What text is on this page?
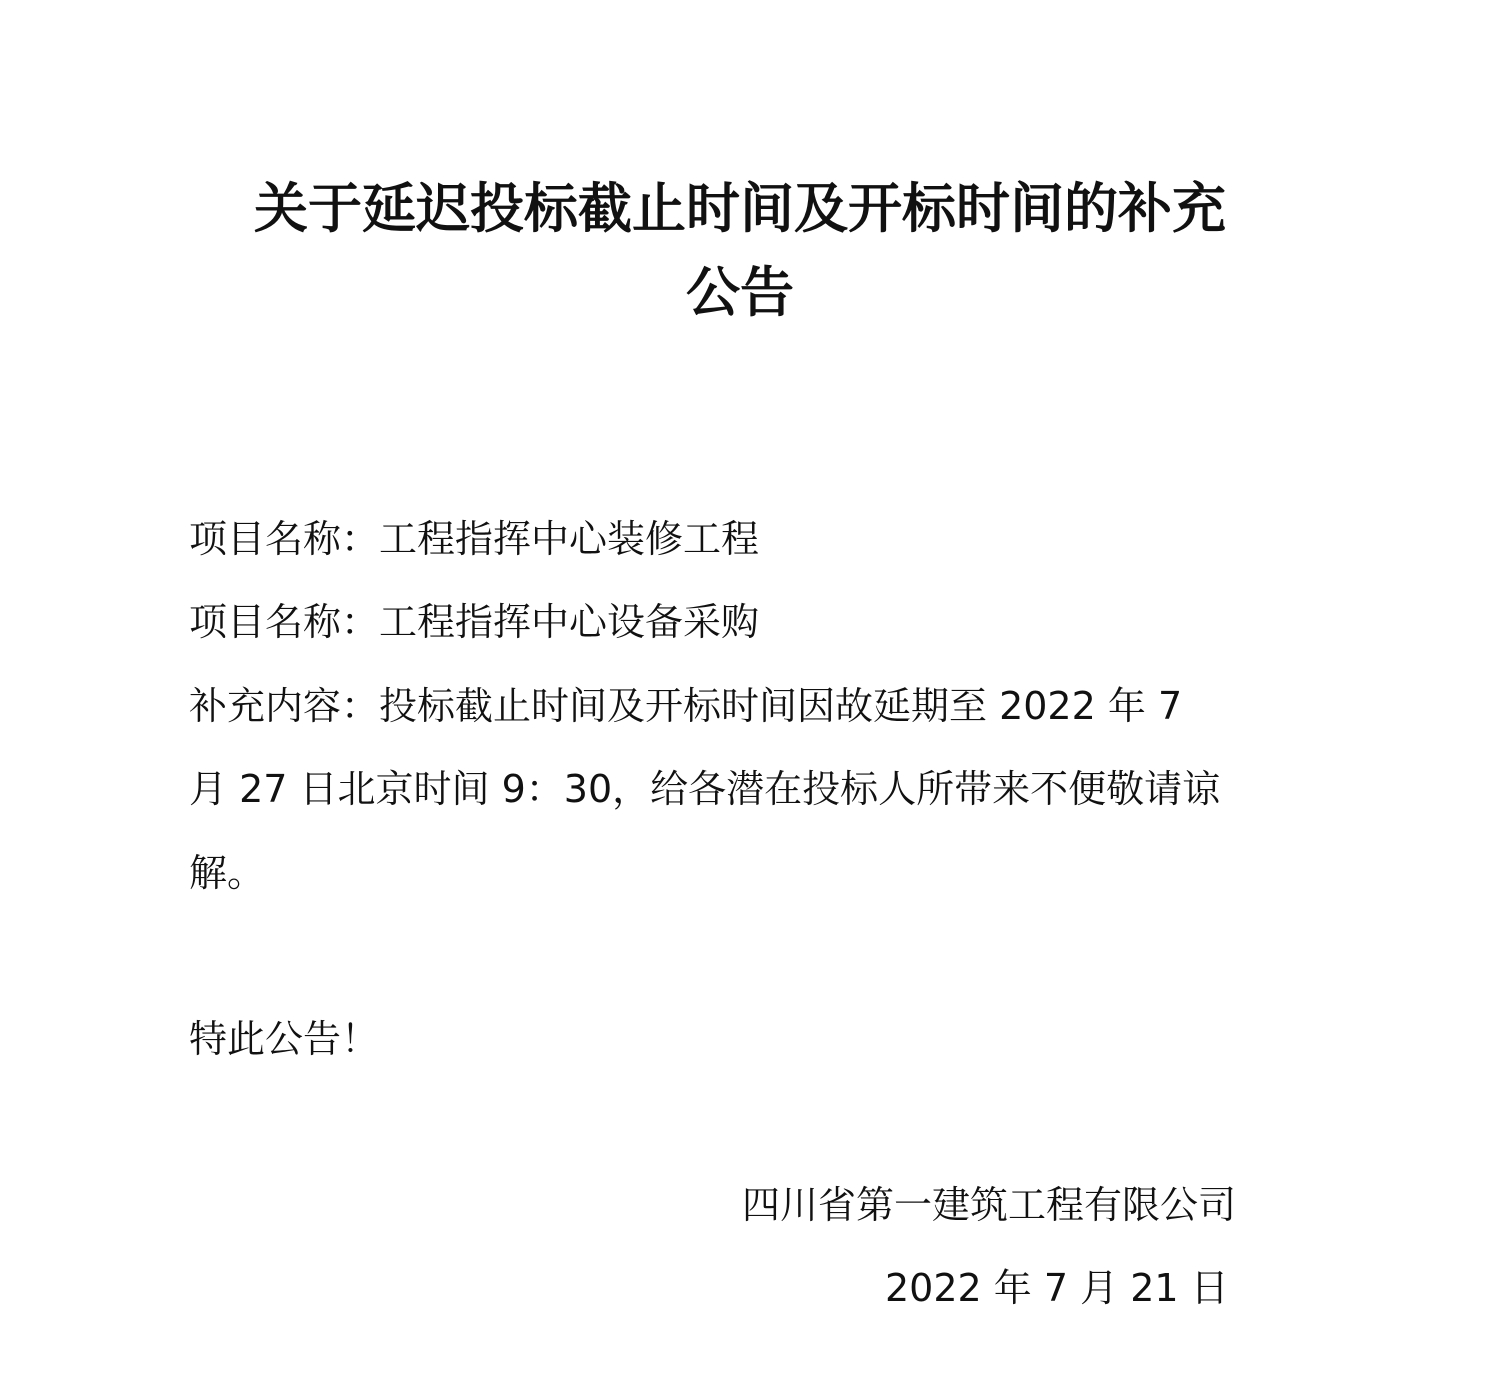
关于延迟投标截止时间及开标时间的补充
公告

项目名称：工程指挥中心装修工程

项目名称：工程指挥中心设备采购

补充内容：投标截止时间及开标时间因故延期至 2022 年 7

月 27 日北京时间 9：30，给各潜在投标人所带来不便敬请谅

解。

特此公告！

四川省第一建筑工程有限公司

2022 年 7 月 21 日
